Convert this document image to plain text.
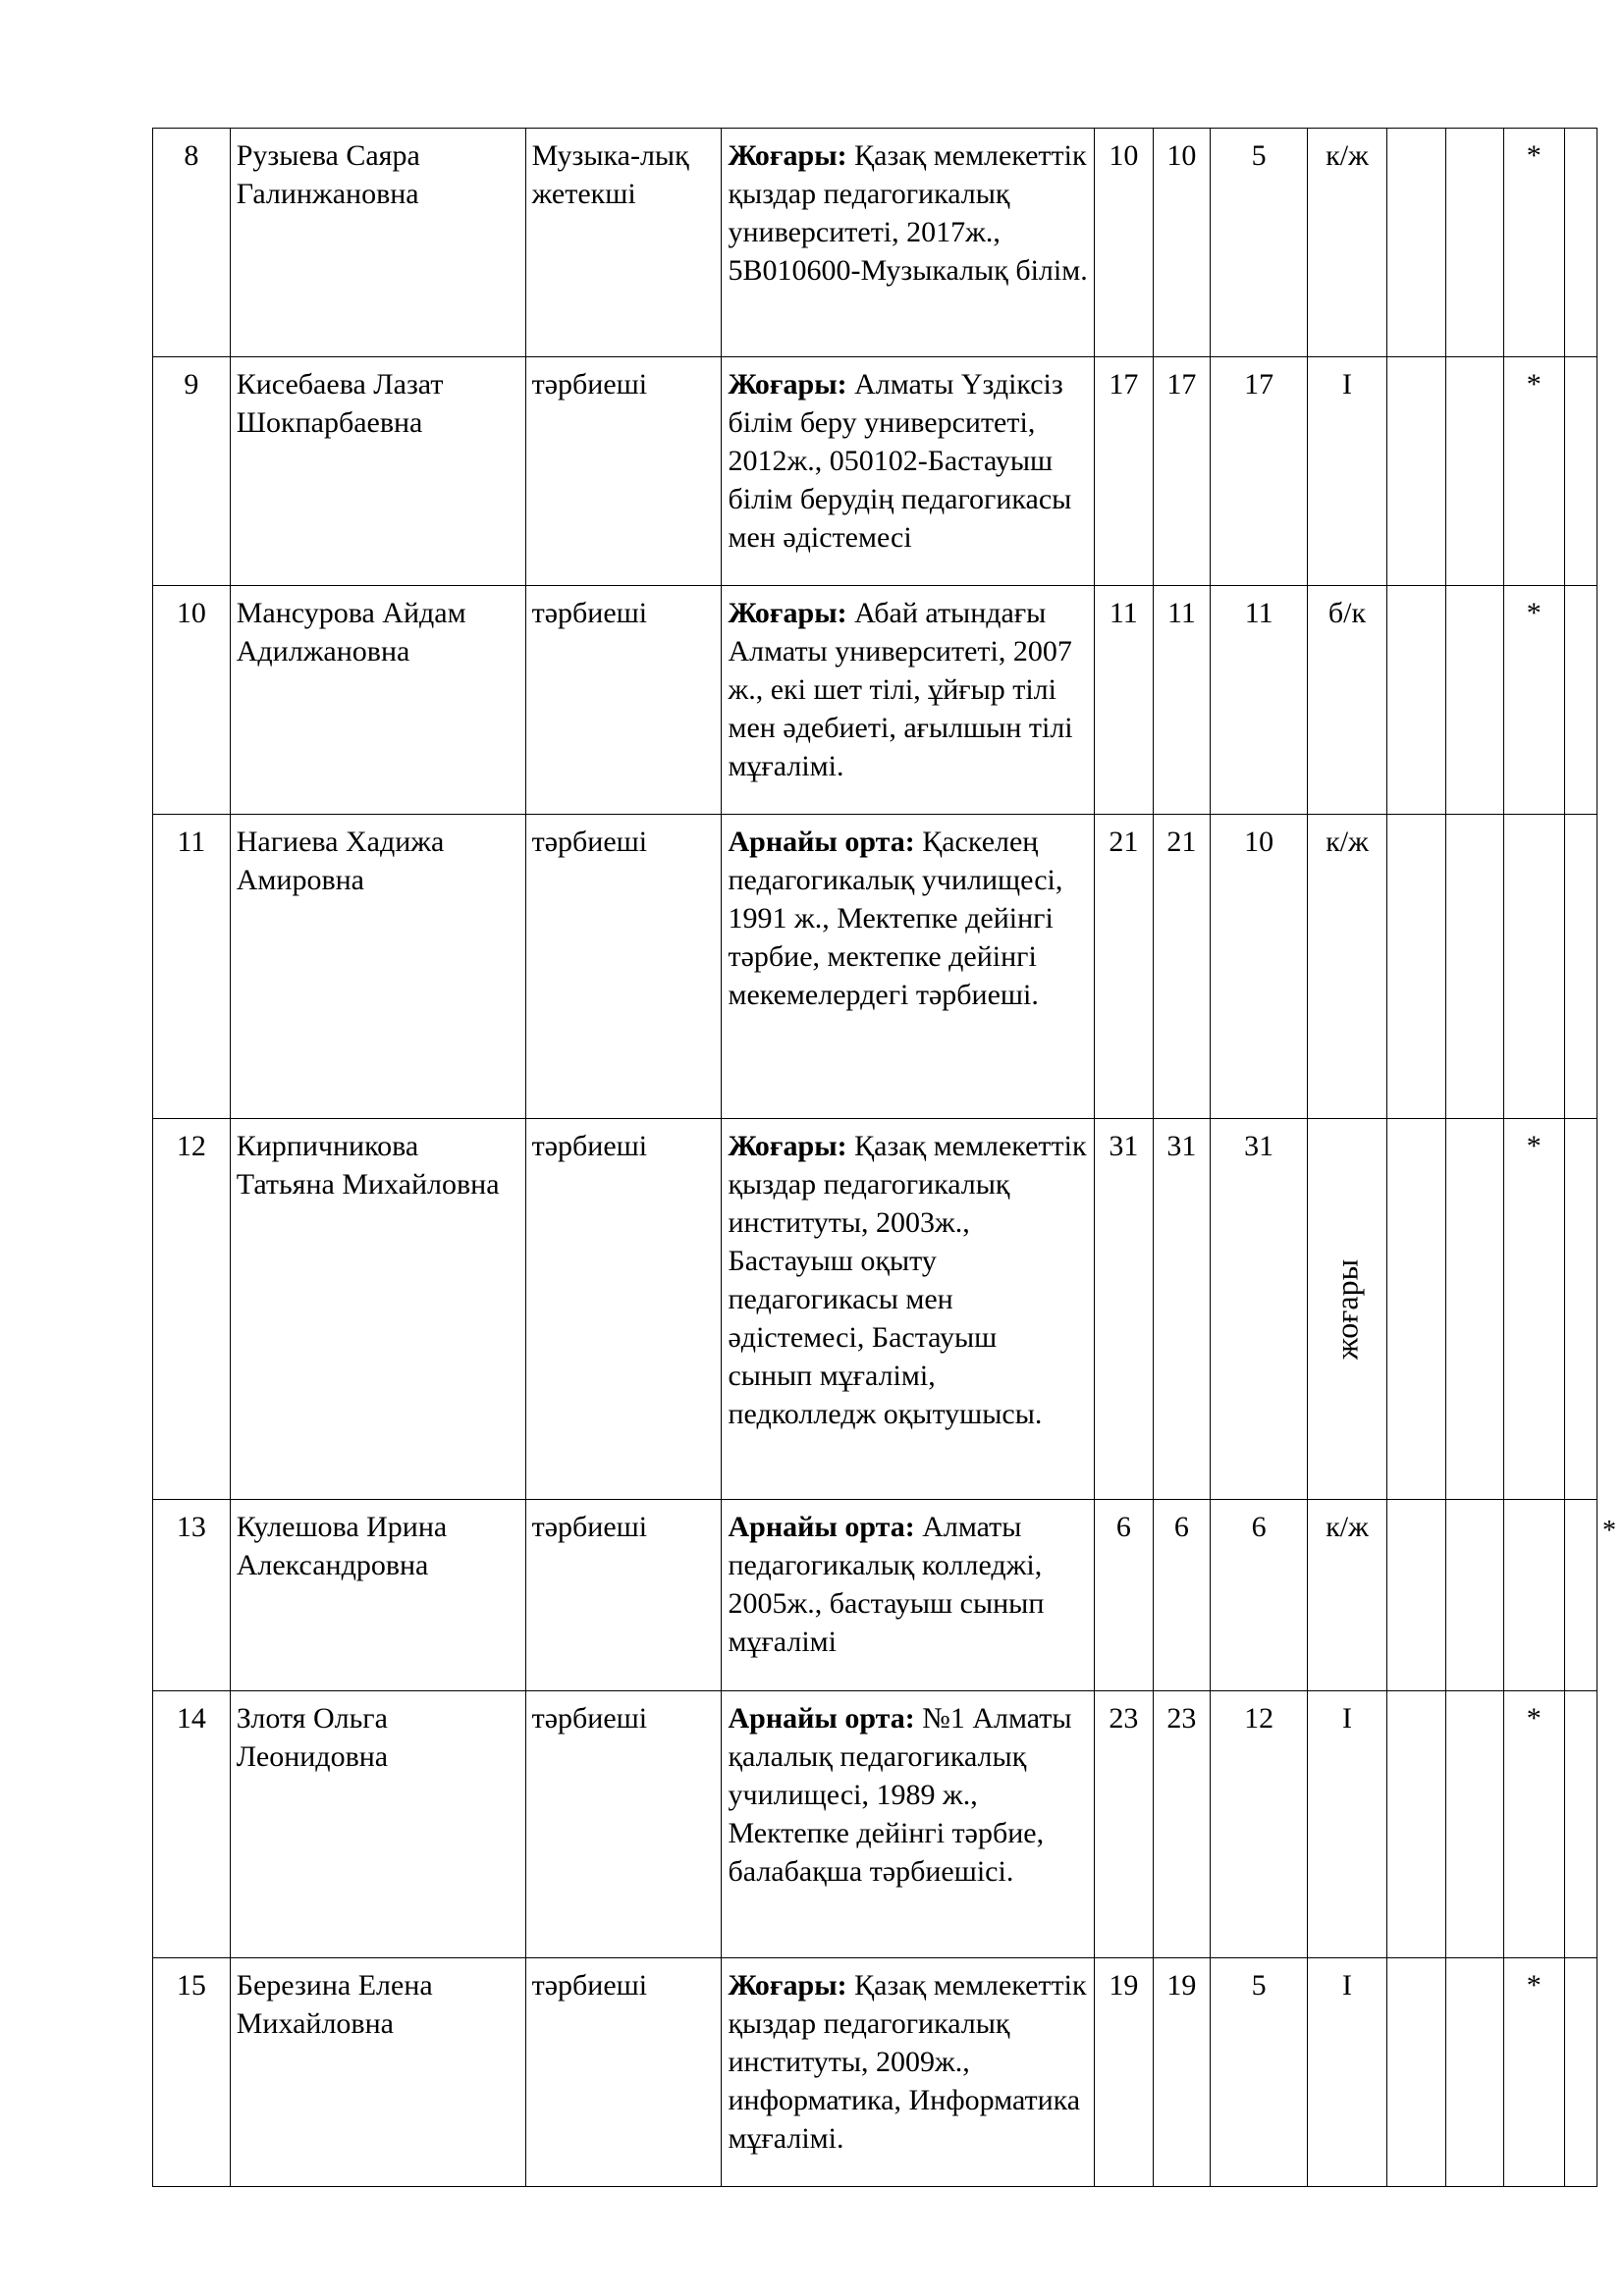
8	Рузыева Саяра Галинжановна	Музыка-лық жетекші	Жоғары: Қазақ мемлекеттік қыздар педагогикалық университеті, 2017ж., 5В010600-Музыкалық білім.	10	10	5	к/ж			*	

9	Кисебаева Лазат Шокпарбаевна	тәрбиеші	Жоғары: Алматы Үздіксіз білім беру университеті, 2012ж., 050102-Бастауыш білім берудің педагогикасы мен әдістемесі	17	17	17	І			*	

10	Мансурова Айдам Адилжановна	тәрбиеші	Жоғары: Абай атындағы Алматы университеті, 2007 ж., екі шет тілі, ұйғыр тілі мен әдебиеті, ағылшын тілі мұғалімі.	11	11	11	б/к			*	

11	Нагиева Хадижа Амировна	тәрбиеші	Арнайы орта: Қаскелең педагогикалық училищесі, 1991 ж., Мектепке дейінгі тәрбие, мектепке дейінгі мекемелердегі тәрбиеші.	21	21	10	к/ж				

12	Кирпичникова Татьяна Михайловна	тәрбиеші	Жоғары: Қазақ мемлекеттік қыздар педагогикалық институты, 2003ж., Бастауыш оқыту педагогикасы мен әдістемесі, Бастауыш сынып мұғалімі, педколледж оқытушысы.	31	31	31	жоғары			*	

13	Кулешова Ирина Александровна	тәрбиеші	Арнайы орта: Алматы педагогикалық колледжі, 2005ж., бастауыш сынып мұғалімі	6	6	6	к/ж				*

14	Злотя Ольга Леонидовна	тәрбиеші	Арнайы орта: №1 Алматы қалалық педагогикалық училищесі, 1989 ж., Мектепке дейінгі тәрбие, балабақша тәрбиешісі.	23	23	12	І			*	

15	Березина Елена Михайловна	тәрбиеші	Жоғары: Қазақ мемлекеттік қыздар педагогикалық институты, 2009ж., информатика, Информатика мұғалімі.	19	19	5	І			*	
